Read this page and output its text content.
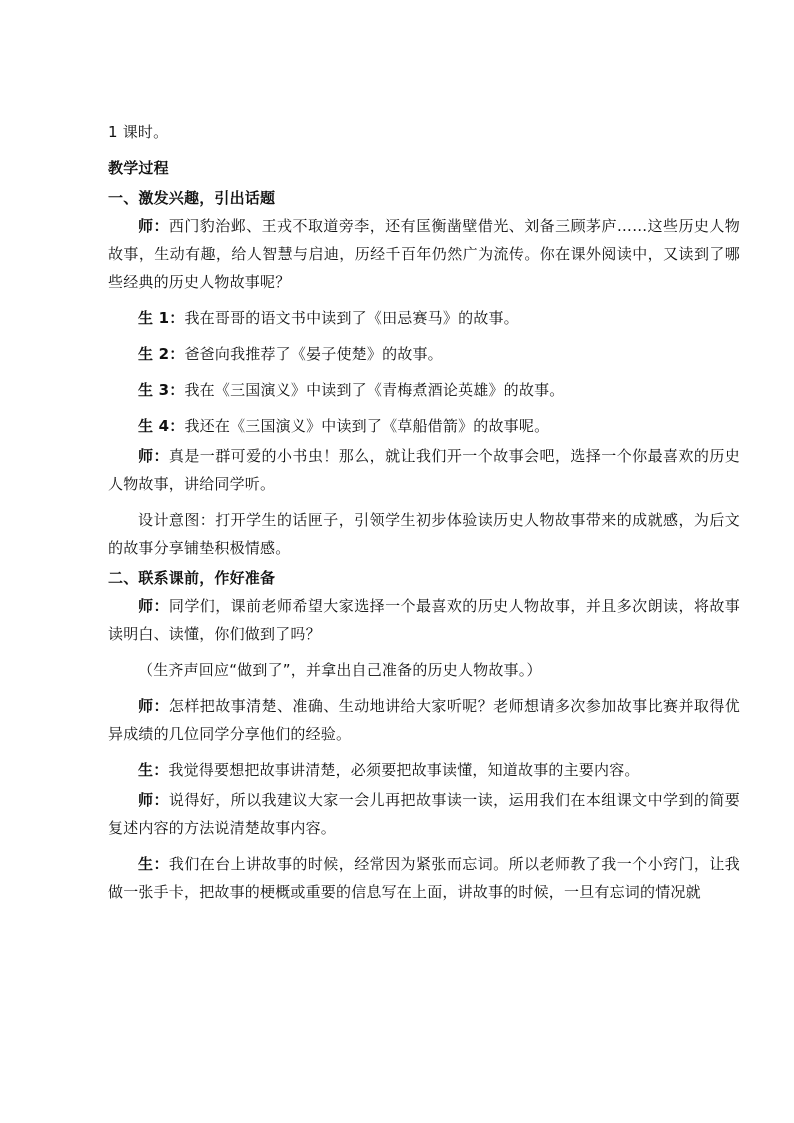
1 课时。

教学过程

一、激发兴趣，引出话题

师：西门豹治邺、王戎不取道旁李，还有匡衡凿壁借光、刘备三顾茅庐……这些历史人物故事，生动有趣，给人智慧与启迪，历经千百年仍然广为流传。你在课外阅读中，又读到了哪些经典的历史人物故事呢？

生 1：我在哥哥的语文书中读到了《田忌赛马》的故事。

生 2：爸爸向我推荐了《晏子使楚》的故事。

生 3：我在《三国演义》中读到了《青梅煮酒论英雄》的故事。

生 4：我还在《三国演义》中读到了《草船借箭》的故事呢。

师：真是一群可爱的小书虫！那么，就让我们开一个故事会吧，选择一个你最喜欢的历史人物故事，讲给同学听。

设计意图：打开学生的话匣子，引领学生初步体验读历史人物故事带来的成就感，为后文的故事分享铺垫积极情感。

二、联系课前，作好准备

师：同学们，课前老师希望大家选择一个最喜欢的历史人物故事，并且多次朗读，将故事读明白、读懂，你们做到了吗？

（生齐声回应“做到了”，并拿出自己准备的历史人物故事。）

师：怎样把故事清楚、准确、生动地讲给大家听呢？老师想请多次参加故事比赛并取得优异成绩的几位同学分享他们的经验。

生：我觉得要想把故事讲清楚，必须要把故事读懂，知道故事的主要内容。

师：说得好，所以我建议大家一会儿再把故事读一读，运用我们在本组课文中学到的简要复述内容的方法说清楚故事内容。

生：我们在台上讲故事的时候，经常因为紧张而忘词。所以老师教了我一个小窍门，让我做一张手卡，把故事的梗概或重要的信息写在上面，讲故事的时候，一旦有忘词的情况就
